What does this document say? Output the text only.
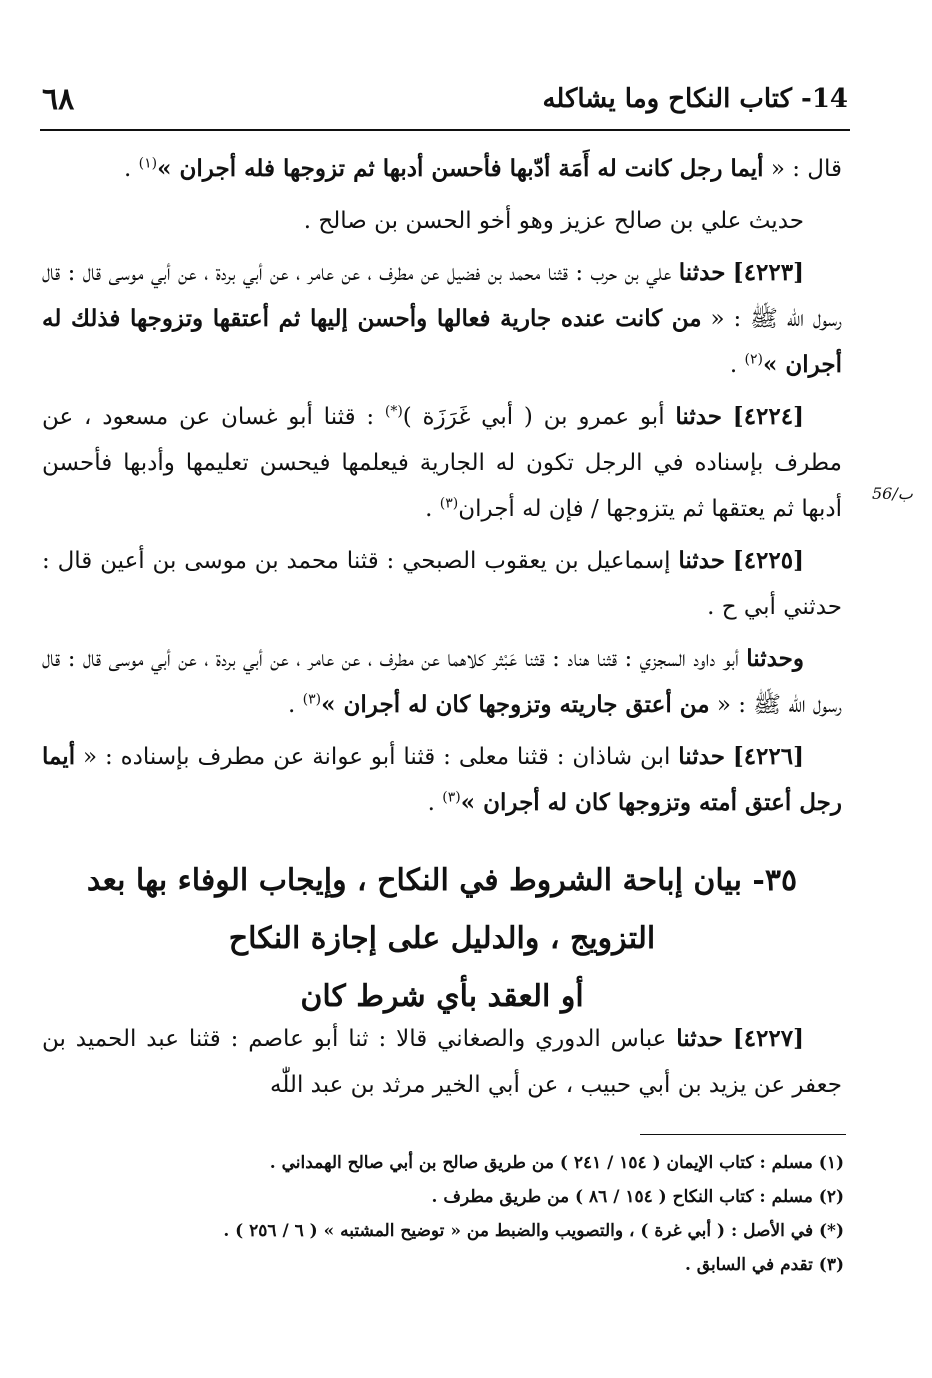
٦٨	14- كتاب النكاح وما يشاكله
56/ب

قال : « أيما رجل كانت له أَمَة أدّبها فأحسن أدبها ثم تزوجها فله أجران »$^{(١)}$ .

حديث علي بن صالح عزيز وهو أخو الحسن بن صالح .

[٤٢٢٣] حدثنا علي بن حرب : قثنا محمد بن فضيل عن مطرف ، عن عامر ، عن أبي بردة ، عن أبي موسى قال : قال رسول اللّٰه ﷺ : « من كانت عنده جارية فعالها وأحسن إليها ثم أعتقها وتزوجها فذلك له أجران »$^{(٢)}$ .

[٤٢٢٤] حدثنا أبو عمرو بن ( أبي غَرَزَة )(*) : قثنا أبو غسان عن مسعود ، عن مطرف بإسناده في الرجل تكون له الجارية فيعلمها فيحسن تعليمها وأدبها فأحسن أدبها ثم يعتقها ثم يتزوجها / فإن له أجران$^{(٣)}$ .

[٤٢٢٥] حدثنا إسماعيل بن يعقوب الصبحي : قثنا محمد بن موسى بن أعين قال : حدثني أبي ح .

وحدثنا أبو داود السجزي : قثنا هناد : قثنا عَبْثر كلاهما عن مطرف ، عن عامر ، عن أبي بردة ، عن أبي موسى قال : قال رسول اللّٰه ﷺ : « من أعتق جاريته وتزوجها كان له أجران »$^{(٣)}$ .

[٤٢٢٦] حدثنا ابن شاذان : قثنا معلى : قثنا أبو عوانة عن مطرف بإسناده : « أيما رجل أعتق أمته وتزوجها كان له أجران »$^{(٣)}$ .

٣٥- بيان إباحة الشروط في النكاح ، وإيجاب الوفاء بها بعد
التزويج ، والدليل على إجازة النكاح
أو العقد بأي شرط كان

[٤٢٢٧] حدثنا عباس الدوري والصغاني قالا : ثنا أبو عاصم : قثنا عبد الحميد بن جعفر عن يزيد بن أبي حبيب ، عن أبي الخير مرثد بن عبد اللّٰه

(١) مسلم : كتاب الإيمان ( ١٥٤ / ٢٤١ ) من طريق صالح بن أبي صالح الهمداني .
(٢) مسلم : كتاب النكاح ( ١٥٤ / ٨٦ ) من طريق مطرف .
(*) في الأصل : ( أبي غرة ) ، والتصويب والضبط من « توضيح المشتبه » ( ٦ / ٢٥٦ ) .
(٣) تقدم في السابق .
